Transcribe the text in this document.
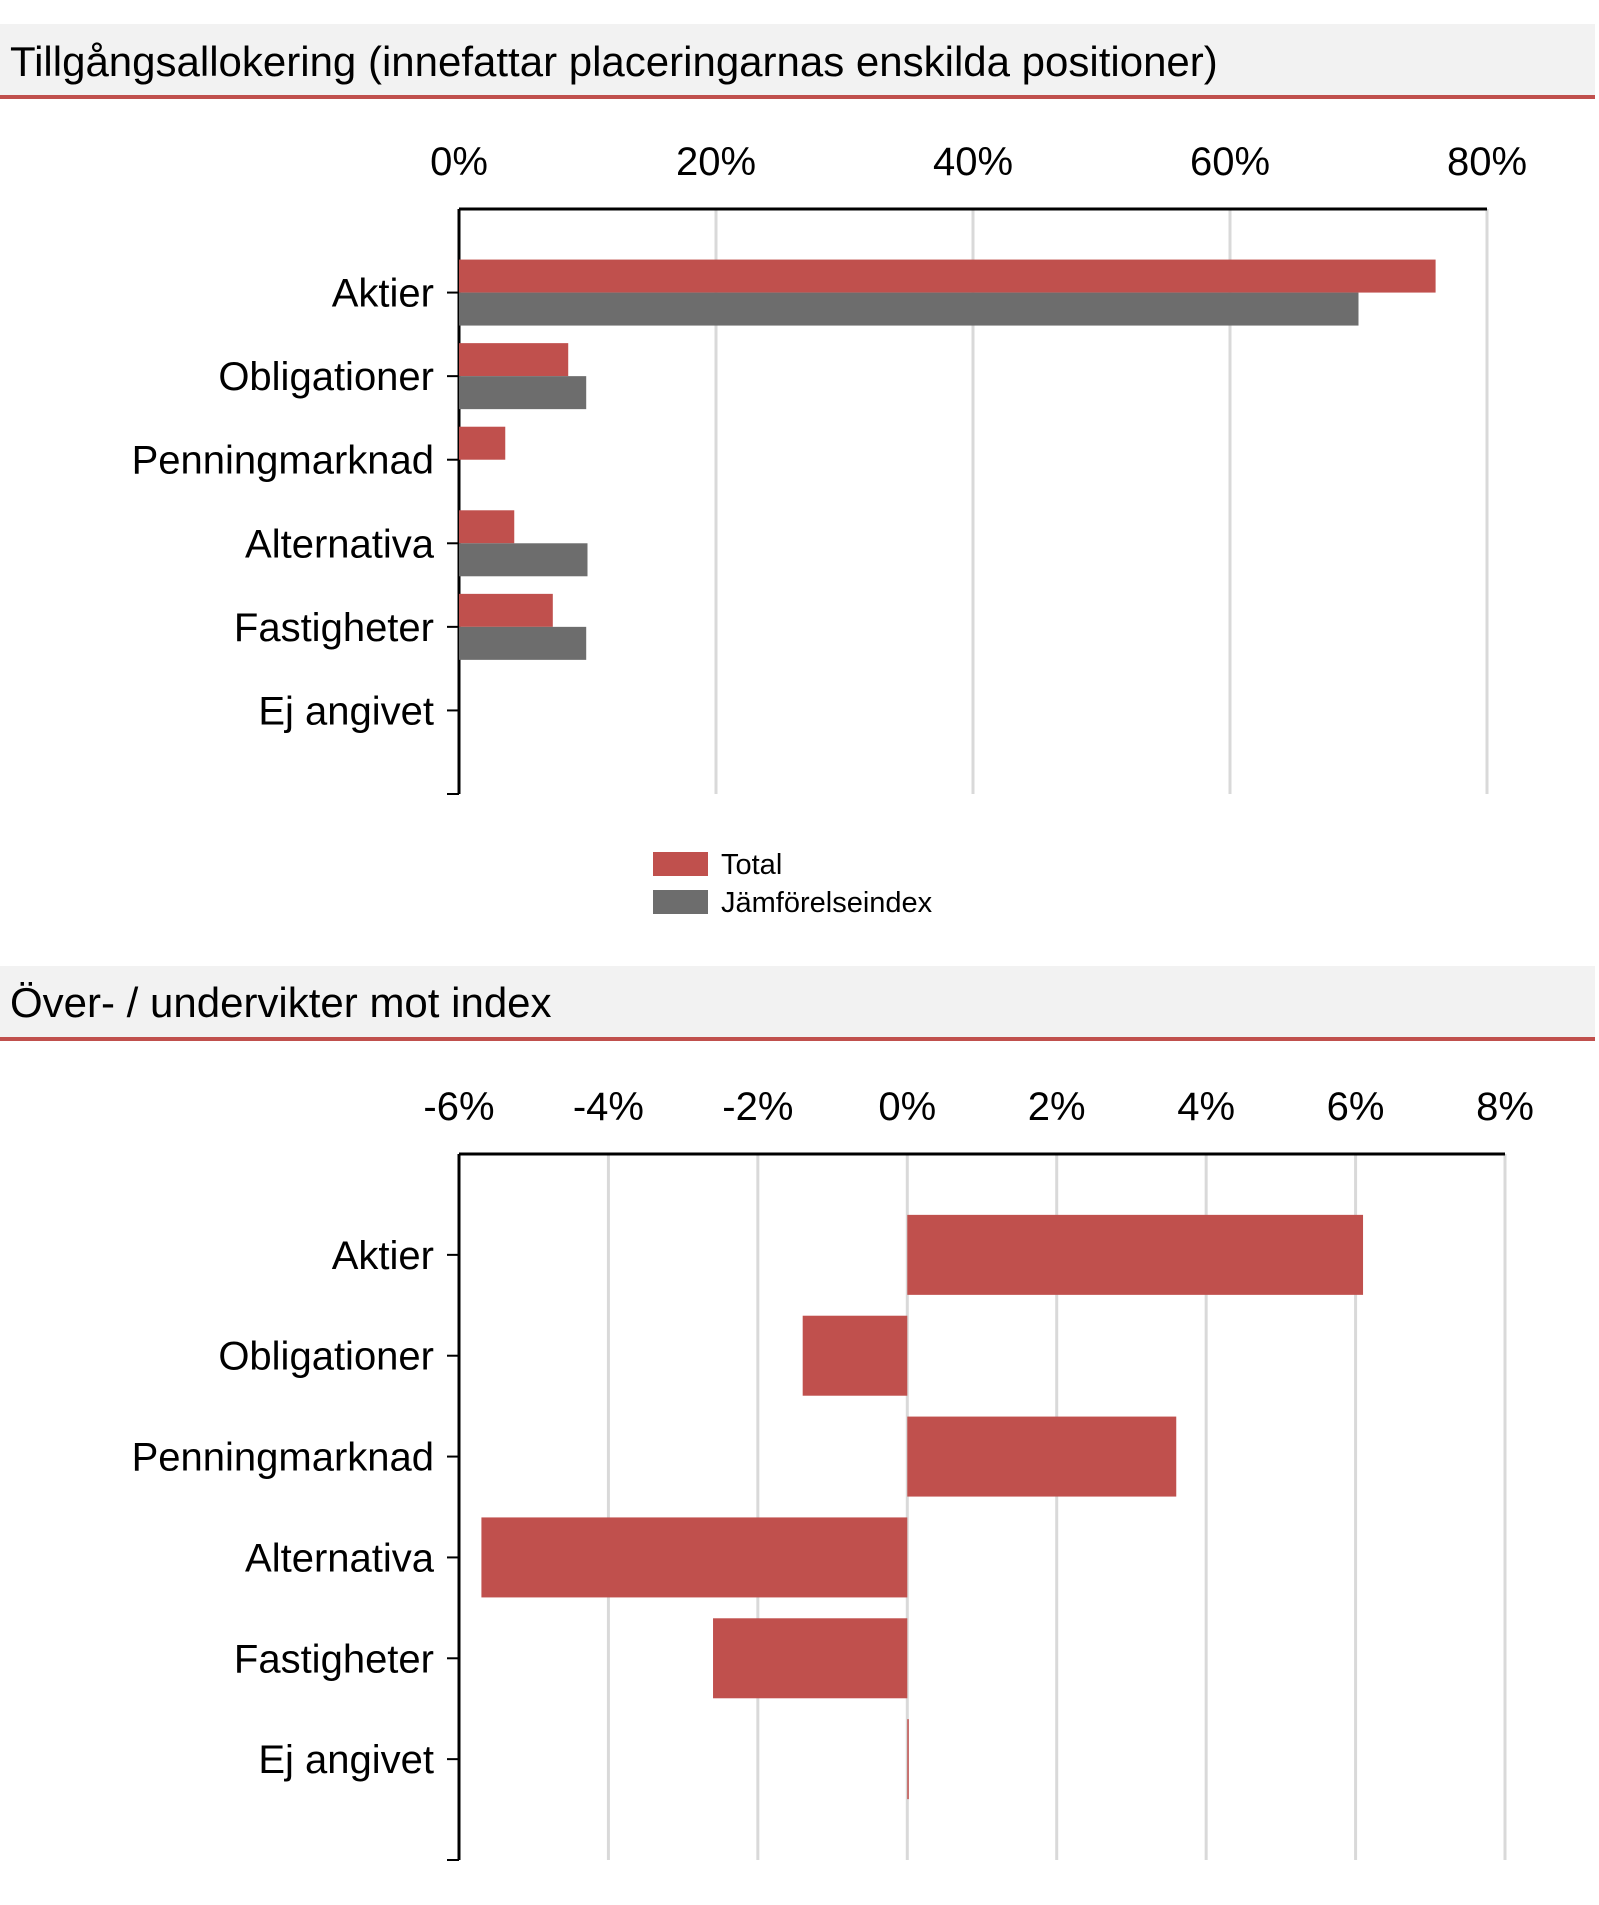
Tillgångsallokering (innefattar placeringarnas enskilda positioner)
0%	20%	40%	60%	80%
Aktier
Obligationer
Penningmarknad
Alternativa
Fastigheter
Ej angivet
Total
Jämförelseindex
Över- / undervikter mot index
-6% -4% -2% 0% 2% 4% 6% 8%
Aktier
Obligationer
Penningmarknad
Alternativa
Fastigheter
Ej angivet
